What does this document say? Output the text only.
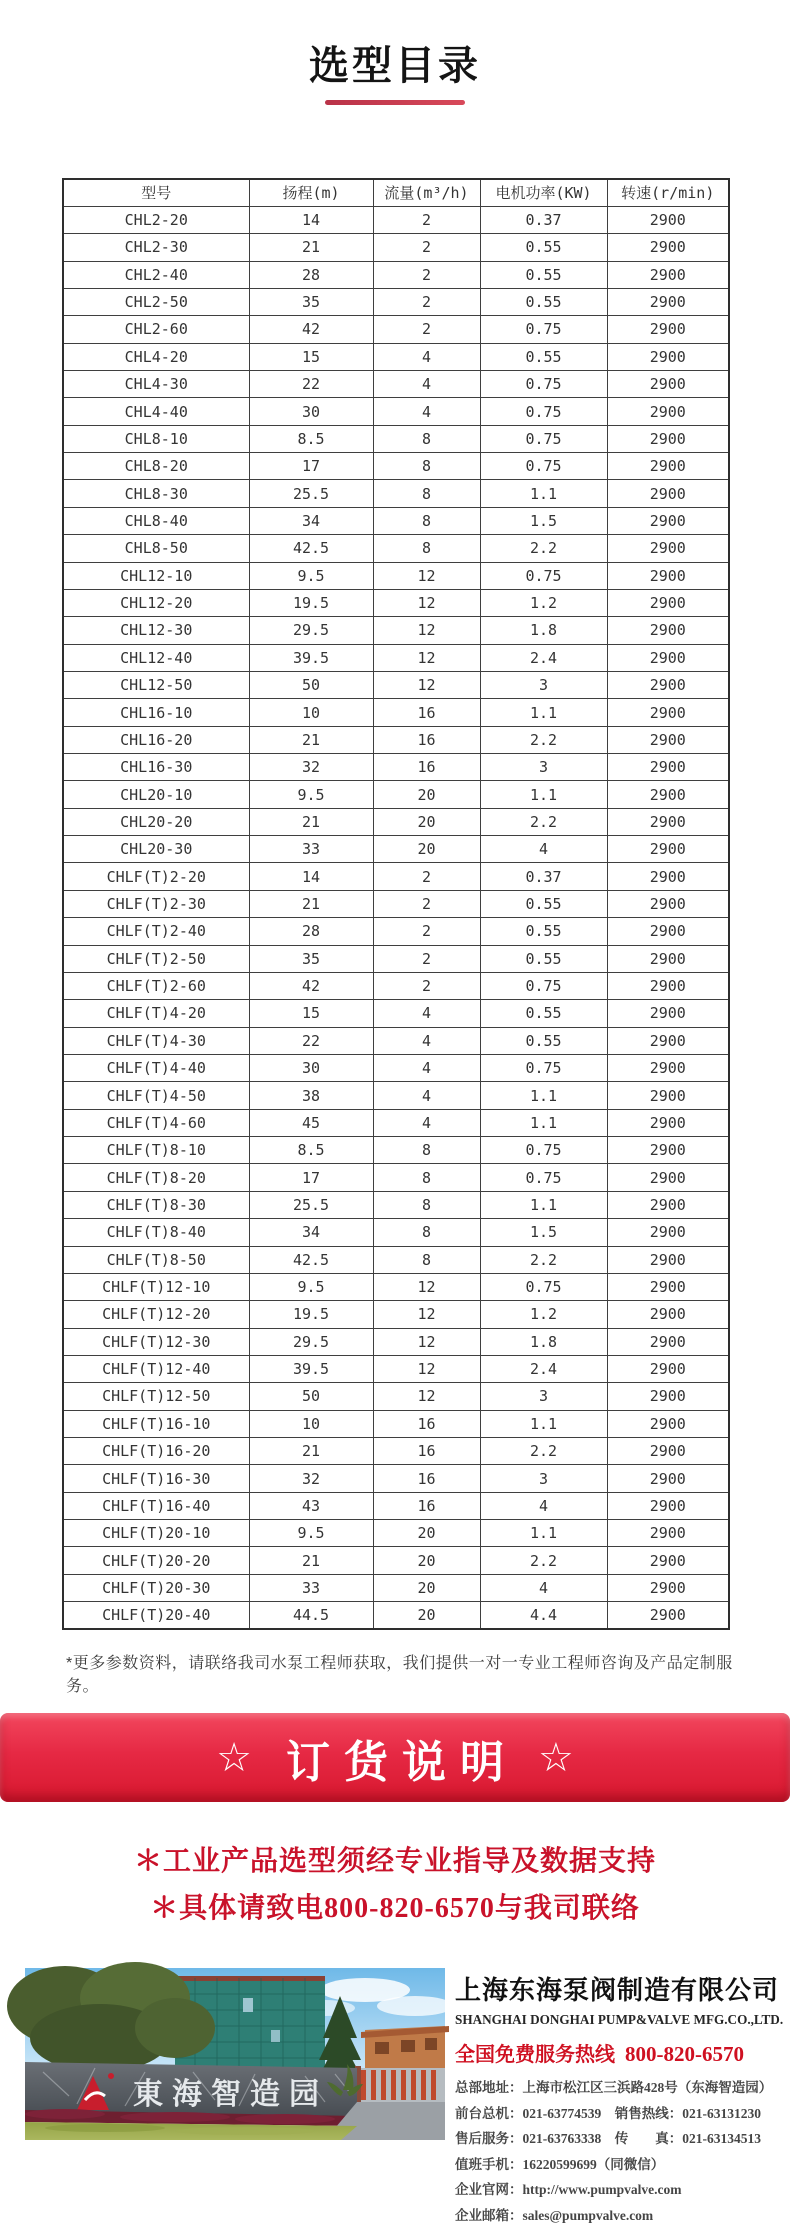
选型目录
型号	扬程(m)	流量(m³/h)	电机功率(KW)	转速(r/min)
CHL2-20	14	2	0.37	2900
CHL2-30	21	2	0.55	2900
CHL2-40	28	2	0.55	2900
CHL2-50	35	2	0.55	2900
CHL2-60	42	2	0.75	2900
CHL4-20	15	4	0.55	2900
CHL4-30	22	4	0.75	2900
CHL4-40	30	4	0.75	2900
CHL8-10	8.5	8	0.75	2900
CHL8-20	17	8	0.75	2900
CHL8-30	25.5	8	1.1	2900
CHL8-40	34	8	1.5	2900
CHL8-50	42.5	8	2.2	2900
CHL12-10	9.5	12	0.75	2900
CHL12-20	19.5	12	1.2	2900
CHL12-30	29.5	12	1.8	2900
CHL12-40	39.5	12	2.4	2900
CHL12-50	50	12	3	2900
CHL16-10	10	16	1.1	2900
CHL16-20	21	16	2.2	2900
CHL16-30	32	16	3	2900
CHL20-10	9.5	20	1.1	2900
CHL20-20	21	20	2.2	2900
CHL20-30	33	20	4	2900
CHLF(T)2-20	14	2	0.37	2900
CHLF(T)2-30	21	2	0.55	2900
CHLF(T)2-40	28	2	0.55	2900
CHLF(T)2-50	35	2	0.55	2900
CHLF(T)2-60	42	2	0.75	2900
CHLF(T)4-20	15	4	0.55	2900
CHLF(T)4-30	22	4	0.55	2900
CHLF(T)4-40	30	4	0.75	2900
CHLF(T)4-50	38	4	1.1	2900
CHLF(T)4-60	45	4	1.1	2900
CHLF(T)8-10	8.5	8	0.75	2900
CHLF(T)8-20	17	8	0.75	2900
CHLF(T)8-30	25.5	8	1.1	2900
CHLF(T)8-40	34	8	1.5	2900
CHLF(T)8-50	42.5	8	2.2	2900
CHLF(T)12-10	9.5	12	0.75	2900
CHLF(T)12-20	19.5	12	1.2	2900
CHLF(T)12-30	29.5	12	1.8	2900
CHLF(T)12-40	39.5	12	2.4	2900
CHLF(T)12-50	50	12	3	2900
CHLF(T)16-10	10	16	1.1	2900
CHLF(T)16-20	21	16	2.2	2900
CHLF(T)16-30	32	16	3	2900
CHLF(T)16-40	43	16	4	2900
CHLF(T)20-10	9.5	20	1.1	2900
CHLF(T)20-20	21	20	2.2	2900
CHLF(T)20-30	33	20	4	2900
CHLF(T)20-40	44.5	20	4.4	2900
*更多参数资料，请联络我司水泵工程师获取，我们提供一对一专业工程师咨询及产品定制服务。
☆ 订货说明 ☆
＊工业产品选型须经专业指导及数据支持
＊具体请致电800-820-6570与我司联络
東海智造园
上海东海泵阀制造有限公司
SHANGHAI DONGHAI PUMP&VALVE MFG.CO.,LTD.
全国免费服务热线 800-820-6570
总部地址：上海市松江区三浜路428号（东海智造园）
前台总机：021-63774539　销售热线：021-63131230
售后服务：021-63763338　传　　真：021-63134513
值班手机：16220599699（同微信）
企业官网：http://www.pumpvalve.com
企业邮箱：sales@pumpvalve.com
